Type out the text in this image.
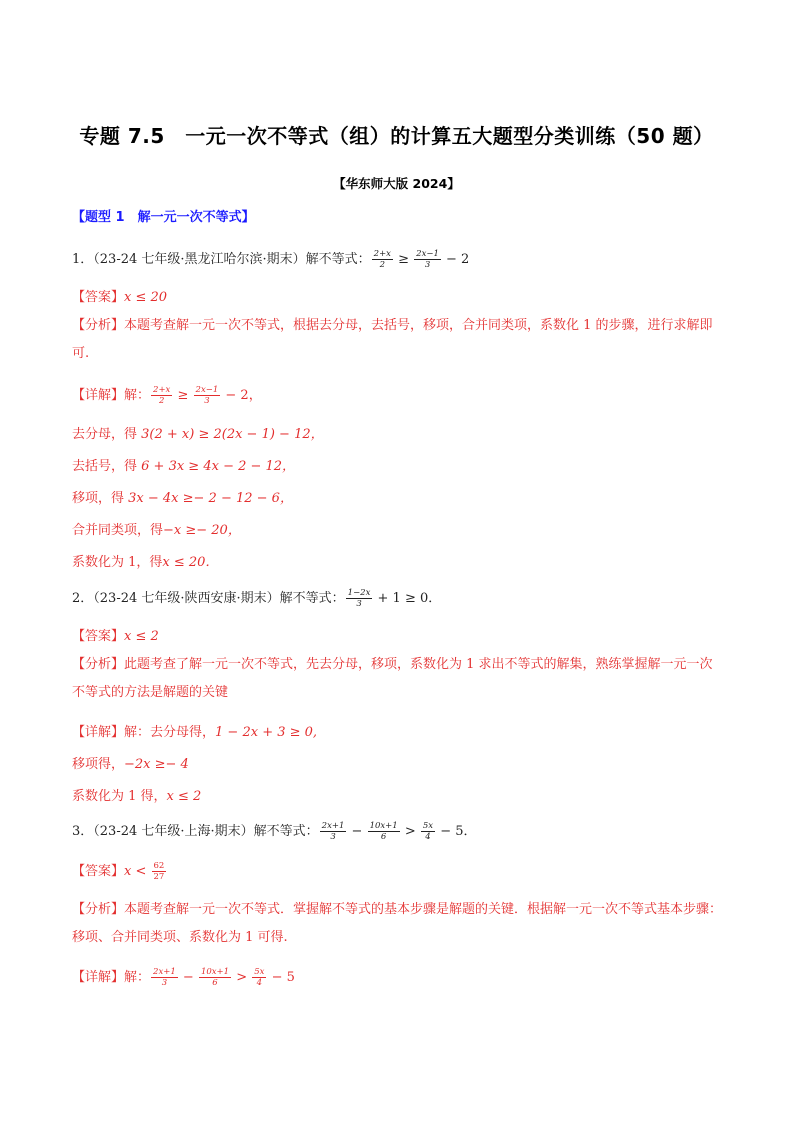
专题 7.5　一元一次不等式（组）的计算五大题型分类训练（50 题）
【华东师大版 2024】
【题型 1　解一元一次不等式】
1．（23-24 七年级·黑龙江哈尔滨·期末）解不等式： $\frac{2+x}{2} \ge \frac{2x-1}{3} - 2$
【答案】x ≤ 20
【分析】本题考查解一元一次不等式，根据去分母，去括号，移项，合并同类项，系数化 1 的步骤，进行求解即可.
【详解】解： $\frac{2+x}{2} \ge \frac{2x-1}{3} - 2$，
去分母，得 3(2 + x) ≥ 2(2x − 1) − 12，
去括号，得 6 + 3x ≥ 4x − 2 − 12，
移项，得 3x − 4x ≥− 2 − 12 − 6，
合并同类项，得−x ≥− 20，
系数化为 1，得x ≤ 20．
2．（23-24 七年级·陕西安康·期末）解不等式： $\frac{1-2x}{3} + 1 \ge 0$．
【答案】x ≤ 2
【分析】此题考查了解一元一次不等式，先去分母，移项，系数化为 1 求出不等式的解集，熟练掌握解一元一次不等式的方法是解题的关键
【详解】解：去分母得，1 − 2x + 3 ≥ 0,
移项得，−2x ≥− 4
系数化为 1 得，x ≤ 2
3．（23-24 七年级·上海·期末）解不等式： $\frac{2x+1}{3} - \frac{10x+1}{6} > \frac{5x}{4} - 5$．
【答案】$x < \frac{62}{27}$
【分析】本题考查解一元一次不等式．掌握解不等式的基本步骤是解题的关键．根据解一元一次不等式基本步骤：移项、合并同类项、系数化为 1 可得.
【详解】解： $\frac{2x+1}{3} - \frac{10x+1}{6} > \frac{5x}{4} - 5$
